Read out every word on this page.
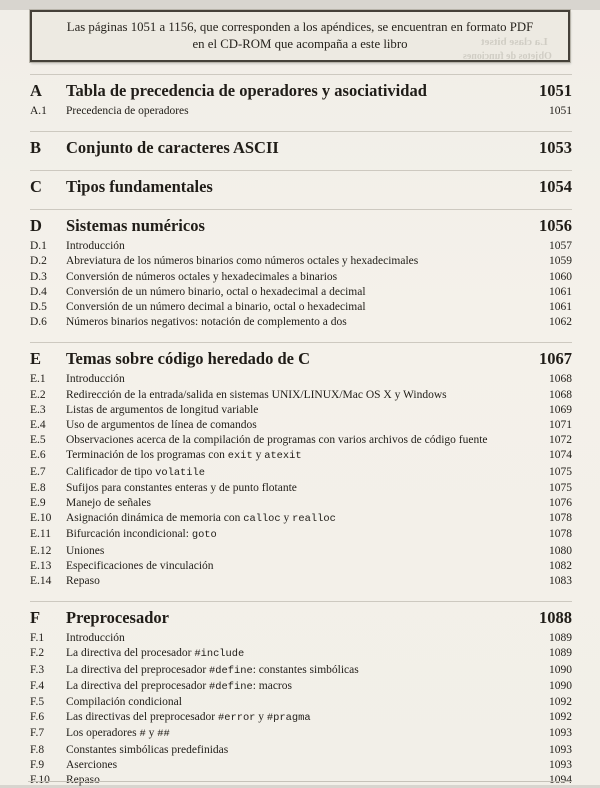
Las páginas 1051 a 1156, que corresponden a los apéndices, se encuentran en formato PDF
en el CD-ROM que acompaña a este libro	La clase bitset
Objetos de funciones
A	Tabla de precedencia de operadores y asociatividad	1051
A.1	Precedencia de operadores	1051
B	Conjunto de caracteres ASCII	1053
C	Tipos fundamentales	1054
D	Sistemas numéricos	1056
D.1	Introducción	1057
D.2	Abreviatura de los números binarios como números octales y hexadecimales	1059
D.3	Conversión de números octales y hexadecimales a binarios	1060
D.4	Conversión de un número binario, octal o hexadecimal a decimal	1061
D.5	Conversión de un número decimal a binario, octal o hexadecimal	1061
D.6	Números binarios negativos: notación de complemento a dos	1062
E	Temas sobre código heredado de C	1067
E.1	Introducción	1068
E.2	Redirección de la entrada/salida en sistemas UNIX/LINUX/Mac OS X y Windows	1068
E.3	Listas de argumentos de longitud variable	1069
E.4	Uso de argumentos de línea de comandos	1071
E.5	Observaciones acerca de la compilación de programas con varios archivos de código fuente	1072
E.6	Terminación de los programas con exit y atexit	1074
E.7	Calificador de tipo volatile	1075
E.8	Sufijos para constantes enteras y de punto flotante	1075
E.9	Manejo de señales	1076
E.10	Asignación dinámica de memoria con calloc y realloc	1078
E.11	Bifurcación incondicional: goto	1078
E.12	Uniones	1080
E.13	Especificaciones de vinculación	1082
E.14	Repaso	1083
F	Preprocesador	1088
F.1	Introducción	1089
F.2	La directiva del procesador #include	1089
F.3	La directiva del preprocesador #define: constantes simbólicas	1090
F.4	La directiva del preprocesador #define: macros	1090
F.5	Compilación condicional	1092
F.6	Las directivas del preprocesador #error y #pragma	1092
F.7	Los operadores # y ##	1093
F.8	Constantes simbólicas predefinidas	1093
F.9	Aserciones	1093
F.10	Repaso	1094
